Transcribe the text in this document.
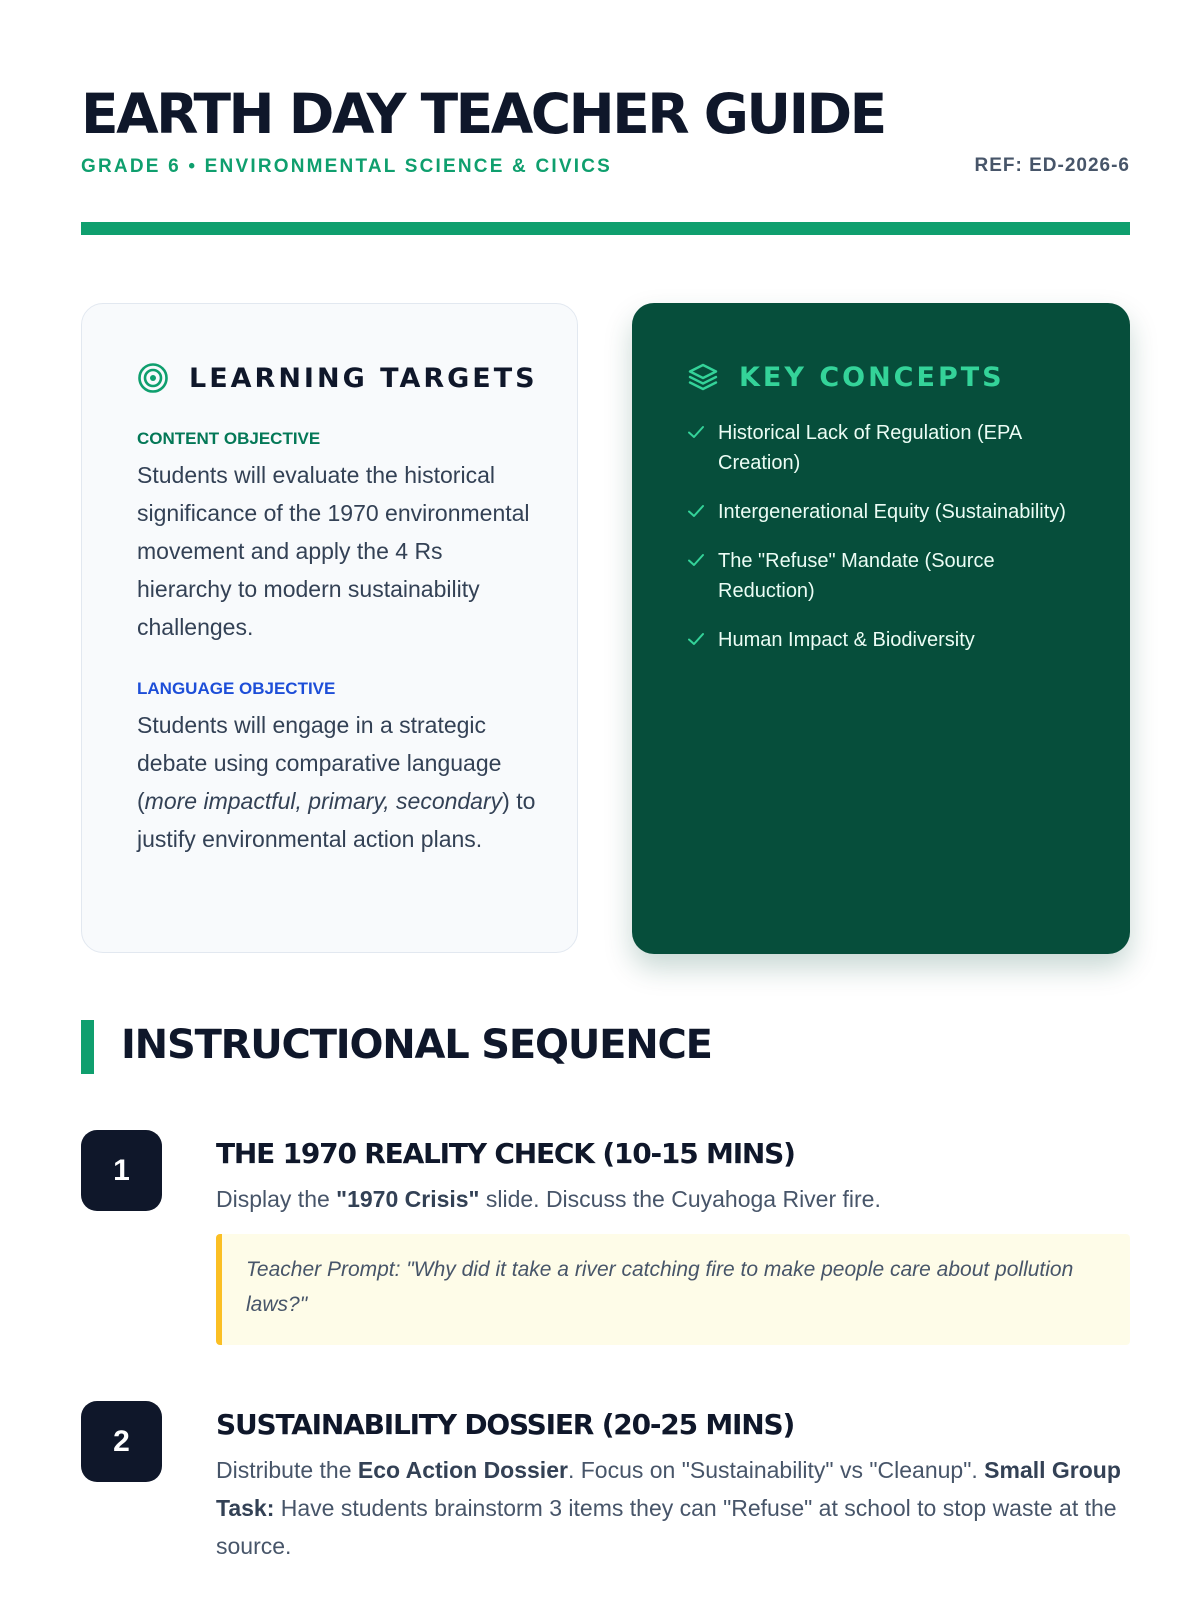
EARTH DAY TEACHER GUIDE
GRADE 6 • ENVIRONMENTAL SCIENCE & CIVICS	REF: ED-2026-6
LEARNING TARGETS
CONTENT OBJECTIVE
Students will evaluate the historical significance of the 1970 environmental movement and apply the 4 Rs hierarchy to modern sustainability challenges.
LANGUAGE OBJECTIVE
Students will engage in a strategic debate using comparative language (more impactful, primary, secondary) to justify environmental action plans.
KEY CONCEPTS
Historical Lack of Regulation (EPA Creation)
Intergenerational Equity (Sustainability)
The "Refuse" Mandate (Source Reduction)
Human Impact & Biodiversity
INSTRUCTIONAL SEQUENCE
1	THE 1970 REALITY CHECK (10-15 MINS)
Display the "1970 Crisis" slide. Discuss the Cuyahoga River fire.
Teacher Prompt: "Why did it take a river catching fire to make people care about pollution laws?"
2	SUSTAINABILITY DOSSIER (20-25 MINS)
Distribute the Eco Action Dossier. Focus on "Sustainability" vs "Cleanup". Small Group Task: Have students brainstorm 3 items they can "Refuse" at school to stop waste at the source.
